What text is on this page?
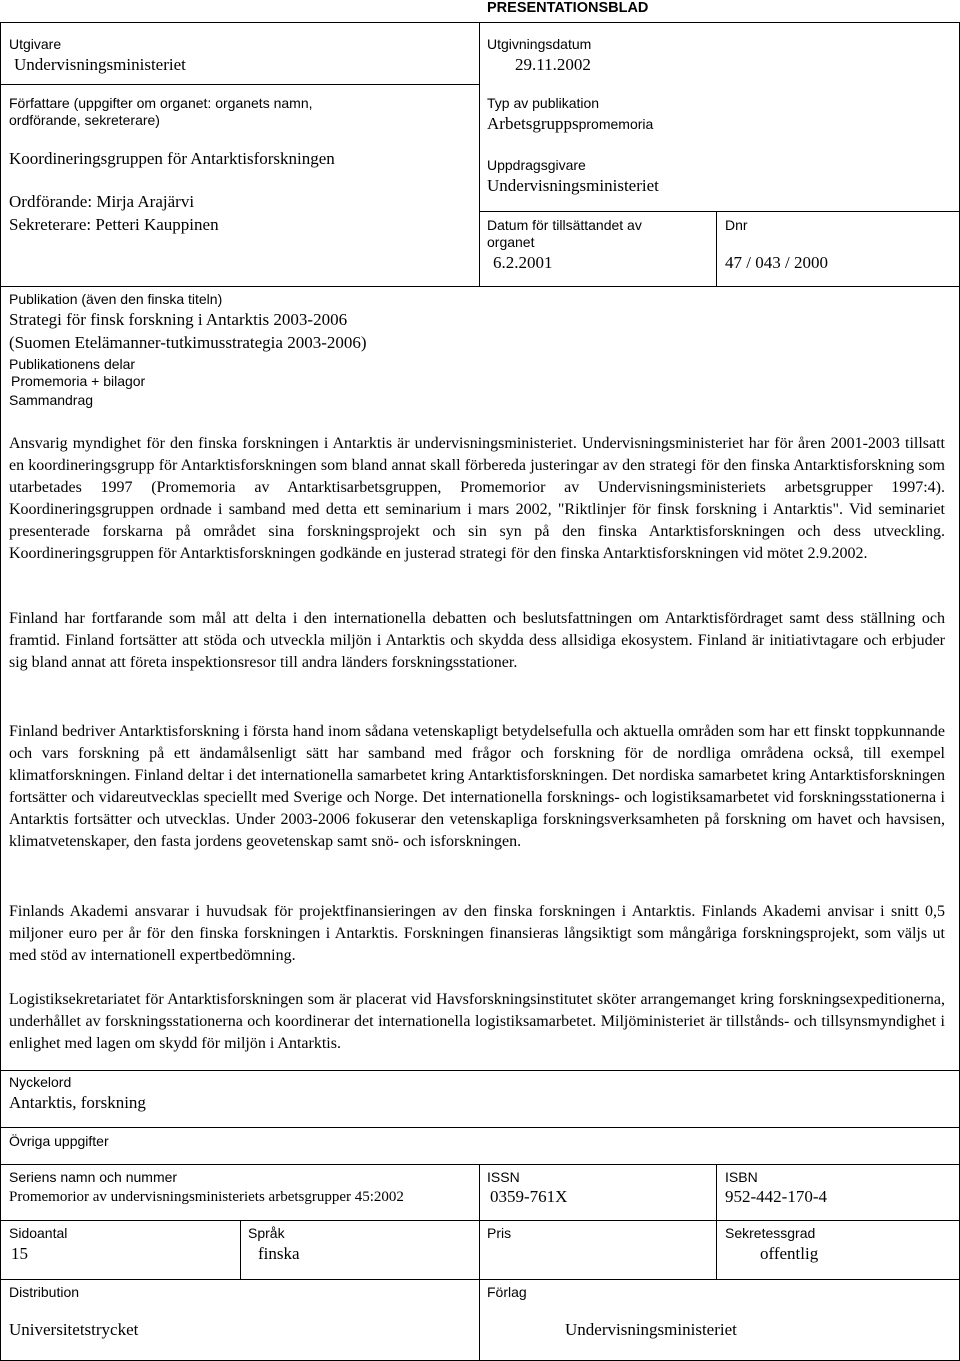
PRESENTATIONSBLAD
Utgivare
Undervisningsministeriet
Författare (uppgifter om organet: organets namn,
ordförande, sekreterare)
Koordineringsgruppen för Antarktisforskningen
Ordförande: Mirja Arajärvi
Sekreterare: Petteri Kauppinen
Utgivningsdatum
29.11.2002
Typ av publikation
Arbetsgruppspromemoria
Uppdragsgivare
Undervisningsministeriet
Datum för tillsättandet av
organet
6.2.2001
Dnr
47 / 043 / 2000
Publikation (även den finska titeln)
Strategi för finsk forskning i Antarktis 2003-2006
(Suomen Etelämanner-tutkimusstrategia 2003-2006)
Publikationens delar
Promemoria + bilagor
Sammandrag

Ansvarig myndighet för den finska forskningen i Antarktis är undervisningsministeriet. Undervisningsministeriet har för åren 2001-2003 tillsatt en koordineringsgrupp för Antarktisforskningen som bland annat skall förbereda justeringar av den strategi för den finska Antarktisforskning som utarbetades 1997 (Promemoria av Antarktisarbetsgruppen, Promemorior av Undervisningsministeriets arbetsgrupper 1997:4). Koordineringsgruppen ordnade i samband med detta ett seminarium i mars 2002, "Riktlinjer för finsk forskning i Antarktis". Vid seminariet presenterade forskarna på området sina forskningsprojekt och sin syn på den finska Antarktisforskningen och dess utveckling. Koordineringsgruppen för Antarktisforskningen godkände en justerad strategi för den finska Antarktisforskningen vid mötet 2.9.2002.

Finland har fortfarande som mål att delta i den internationella debatten och beslutsfattningen om Antarktisfördraget samt dess ställning och framtid. Finland fortsätter att stöda och utveckla miljön i Antarktis och skydda dess allsidiga ekosystem. Finland är initiativtagare och erbjuder sig bland annat att företa inspektionsresor till andra länders forskningsstationer.

Finland bedriver Antarktisforskning i första hand inom sådana vetenskapligt betydelsefulla och aktuella områden som har ett finskt toppkunnande och vars forskning på ett ändamålsenligt sätt har samband med frågor och forskning för de nordliga områdena också, till exempel klimatforskningen. Finland deltar i det internationella samarbetet kring Antarktisforskningen. Det nordiska samarbetet kring Antarktisforskningen fortsätter och vidareutvecklas speciellt med Sverige och Norge. Det internationella forsknings- och logistiksamarbetet vid forskningsstationerna i Antarktis fortsätter och utvecklas. Under 2003-2006 fokuserar den vetenskapliga forskningsverksamheten på forskning om havet och havsisen, klimatvetenskaper, den fasta jordens geovetenskap samt snö- och isforskningen.

Finlands Akademi ansvarar i huvudsak för projektfinansieringen av den finska forskningen i Antarktis. Finlands Akademi anvisar i snitt 0,5 miljoner euro per år för den finska forskningen i Antarktis. Forskningen finansieras långsiktigt som mångåriga forskningsprojekt, som väljs ut med stöd av internationell expertbedömning.

Logistiksekretariatet för Antarktisforskningen som är placerat vid Havsforskningsinstitutet sköter arrangemanget kring forskningsexpeditionerna, underhållet av forskningsstationerna och koordinerar det internationella logistiksamarbetet. Miljöministeriet är tillstånds- och tillsynsmyndighet i enlighet med lagen om skydd för miljön i Antarktis.

Nyckelord
Antarktis, forskning
Övriga uppgifter
Seriens namn och nummer
Promemorior av undervisningsministeriets arbetsgrupper 45:2002
ISSN
0359-761X
ISBN
952-442-170-4
Sidoantal
15
Språk
finska
Pris	Sekretessgrad
offentlig
Distribution
Universitetstrycket
Förlag
Undervisningsministeriet
